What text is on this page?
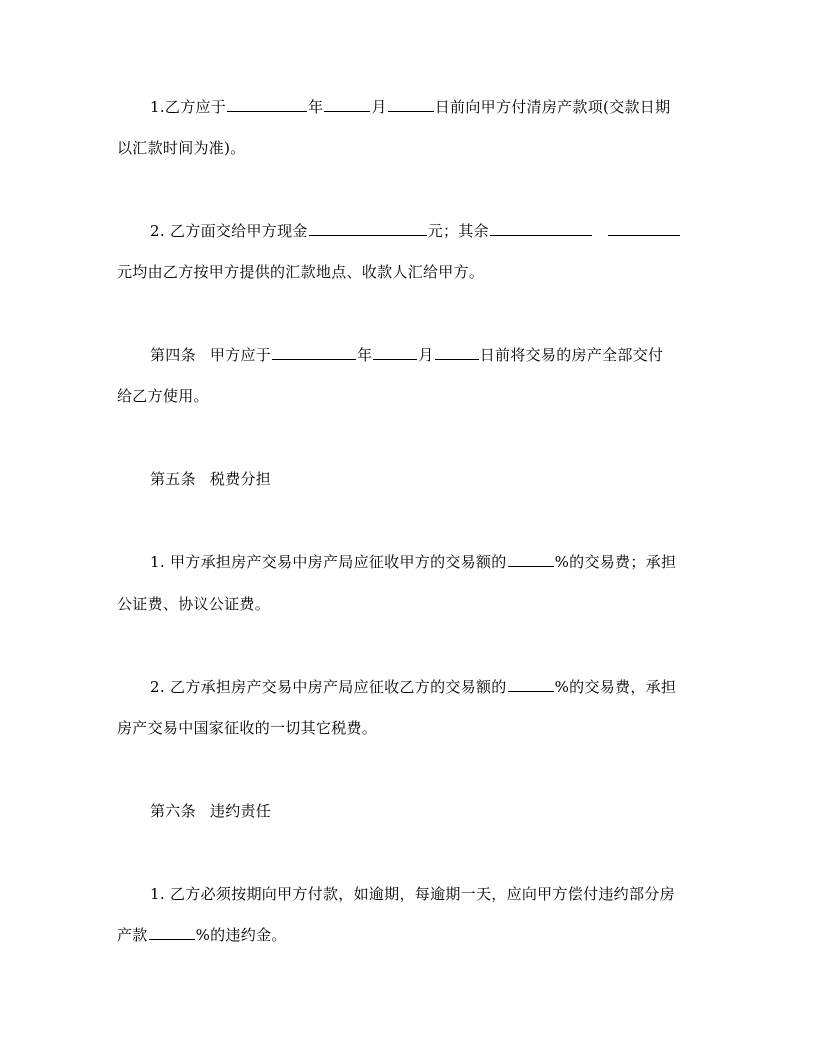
1.乙方应于	年	月	日前向甲方付清房产款项(交款日期
以汇款时间为准)。
2. 乙方面交给甲方现金	元；其余
元均由乙方按甲方提供的汇款地点、收款人汇给甲方。
第四条 甲方应于	年	月	日前将交易的房产全部交付
给乙方使用。
第五条 税费分担
1. 甲方承担房产交易中房产局应征收甲方的交易额的	%的交易费；承担
公证费、协议公证费。
2. 乙方承担房产交易中房产局应征收乙方的交易额的	%的交易费，承担
房产交易中国家征收的一切其它税费。
第六条 违约责任
1. 乙方必须按期向甲方付款，如逾期，每逾期一天，应向甲方偿付违约部分房
产款	%的违约金。
